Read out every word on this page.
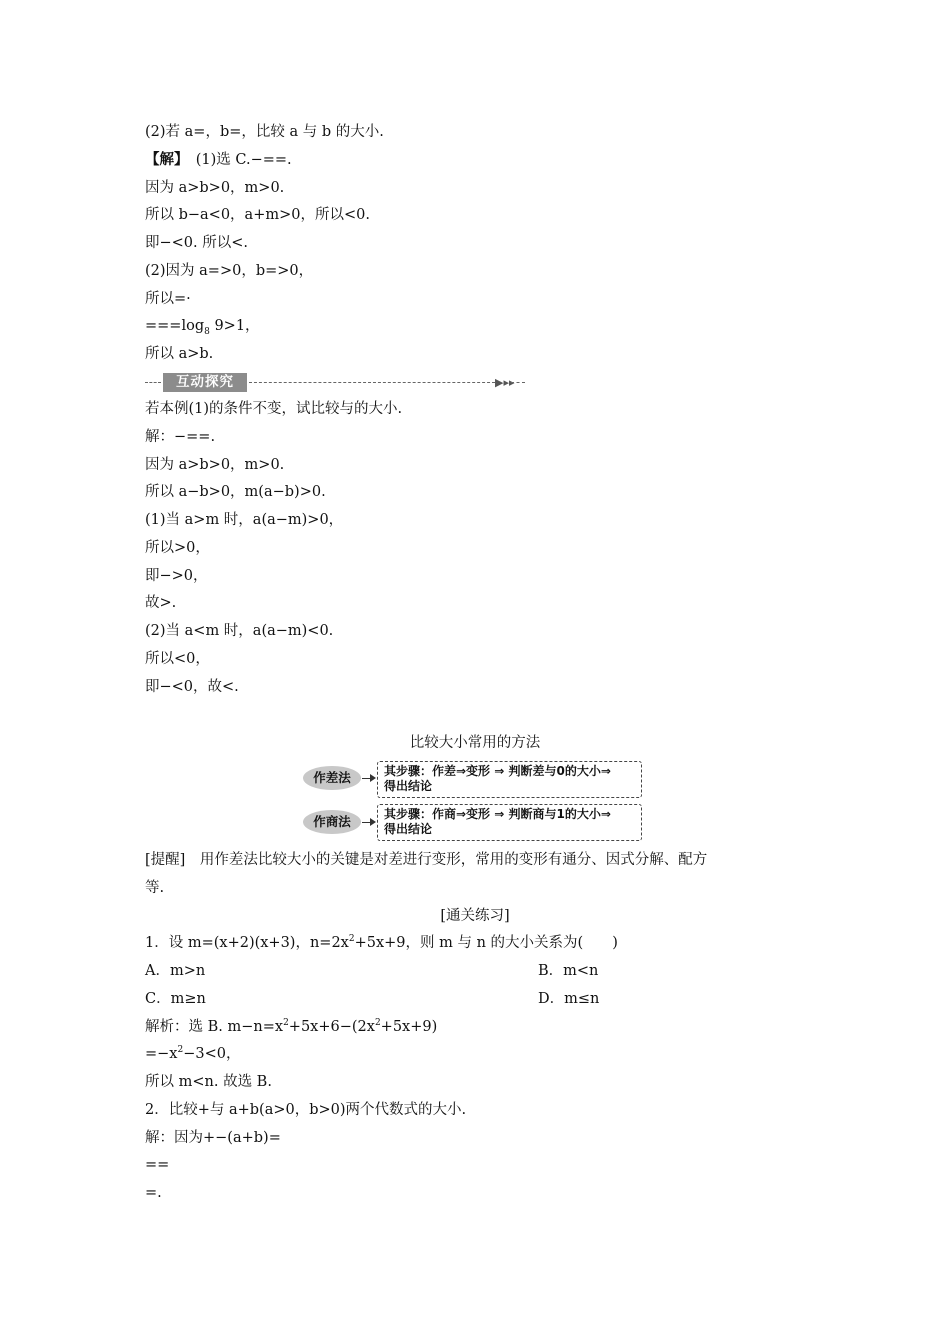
(2)若 a=，b=，比较 a 与 b 的大小.
【解】　 (1)选 C.−==.
因为 a>b>0，m>0.
所以 b−a<0，a+m>0，所以<0.
即−<0. 所以<.
(2)因为 a=>0，b=>0，
所以=·
$===\log_8$ 9>1，
所以 a>b.
互动探究	▶▸▸
若本例(1)的条件不变，试比较与的大小.
解：−==.
因为 a>b>0，m>0.
所以 a−b>0，m(a−b)>0.
(1)当 a>m 时，a(a−m)>0，
所以>0，
即−>0，
故>.
(2)当 a<m 时，a(a−m)<0.
所以<0，
即−<0，故<.
比较大小常用的方法
作差法	其步骤：作差⇒变形 ⇒ 判断差与0的大小⇒
得出结论
作商法	其步骤：作商⇒变形 ⇒ 判断商与1的大小⇒
得出结论
[提醒]　用作差法比较大小的关键是对差进行变形，常用的变形有通分、因式分解、配方
等.
[通关练习]
1．设 m=(x+2)(x+3)，$n=2x^2+5x+9$，则 m 与 n 的大小关系为(　　)
A．m>n	B．m<n
C．m≥n	D．m≤n
解析：选 B. $m-n=x^2+5x+6-(2x^2+5x+9)$
$=-x^2-3<0$，
所以 m<n. 故选 B.
2．比较+与 a+b(a>0，b>0)两个代数式的大小.
解：因为+−(a+b)=
==
=.
